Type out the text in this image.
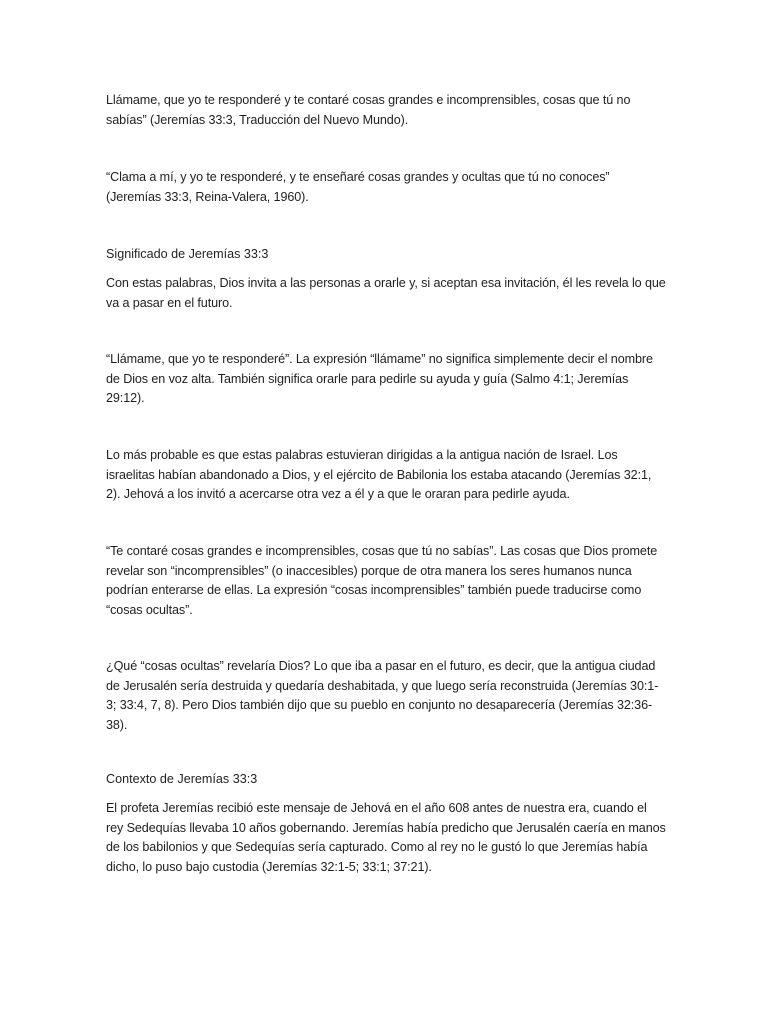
Llámame, que yo te responderé y te contaré cosas grandes e incomprensibles, cosas que tú no sabías” (Jeremías 33:3, Traducción del Nuevo Mundo).

“Clama a mí, y yo te responderé, y te enseñaré cosas grandes y ocultas que tú no conoces” (Jeremías 33:3, Reina-Valera, 1960).

Significado de Jeremías 33:3

Con estas palabras, Dios invita a las personas a orarle y, si aceptan esa invitación, él les revela lo que va a pasar en el futuro.

“Llámame, que yo te responderé”. La expresión “llámame” no significa simplemente decir el nombre de Dios en voz alta. También significa orarle para pedirle su ayuda y guía (Salmo 4:1; Jeremías 29:12).

Lo más probable es que estas palabras estuvieran dirigidas a la antigua nación de Israel. Los israelitas habían abandonado a Dios, y el ejército de Babilonia los estaba atacando (Jeremías 32:1, 2). Jehová a los invitó a acercarse otra vez a él y a que le oraran para pedirle ayuda.

“Te contaré cosas grandes e incomprensibles, cosas que tú no sabías”. Las cosas que Dios promete revelar son “incomprensibles” (o inaccesibles) porque de otra manera los seres humanos nunca podrían enterarse de ellas. La expresión “cosas incomprensibles” también puede traducirse como “cosas ocultas”.

¿Qué “cosas ocultas” revelaría Dios? Lo que iba a pasar en el futuro, es decir, que la antigua ciudad de Jerusalén sería destruida y quedaría deshabitada, y que luego sería reconstruida (Jeremías 30:1-3; 33:4, 7, 8). Pero Dios también dijo que su pueblo en conjunto no desaparecería (Jeremías 32:36-38).

Contexto de Jeremías 33:3

El profeta Jeremías recibió este mensaje de Jehová en el año 608 antes de nuestra era, cuando el rey Sedequías llevaba 10 años gobernando. Jeremías había predicho que Jerusalén caería en manos de los babilonios y que Sedequías sería capturado. Como al rey no le gustó lo que Jeremías había dicho, lo puso bajo custodia (Jeremías 32:1-5; 33:1; 37:21).
